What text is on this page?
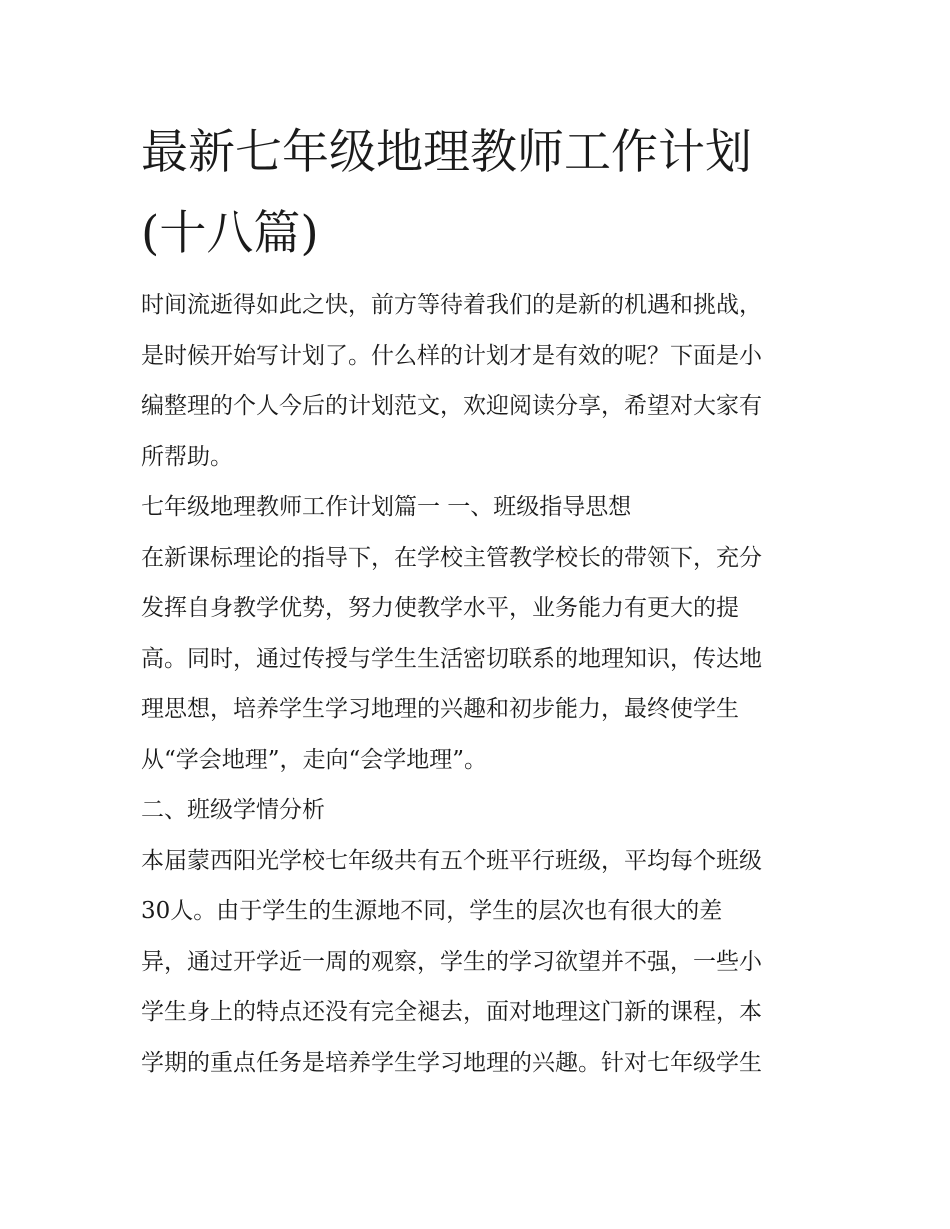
最新七年级地理教师工作计划
(十八篇)
时间流逝得如此之快，前方等待着我们的是新的机遇和挑战，
是时候开始写计划了。什么样的计划才是有效的呢？下面是小
编整理的个人今后的计划范文，欢迎阅读分享，希望对大家有
所帮助。
七年级地理教师工作计划篇一 一、班级指导思想
在新课标理论的指导下，在学校主管教学校长的带领下，充分
发挥自身教学优势，努力使教学水平，业务能力有更大的提
高。同时，通过传授与学生生活密切联系的地理知识，传达地
理思想，培养学生学习地理的兴趣和初步能力，最终使学生
从“学会地理”，走向“会学地理”。
二、班级学情分析
本届蒙西阳光学校七年级共有五个班平行班级，平均每个班级
30人。由于学生的生源地不同，学生的层次也有很大的差
异，通过开学近一周的观察，学生的学习欲望并不强，一些小
学生身上的特点还没有完全褪去，面对地理这门新的课程，本
学期的重点任务是培养学生学习地理的兴趣。针对七年级学生
